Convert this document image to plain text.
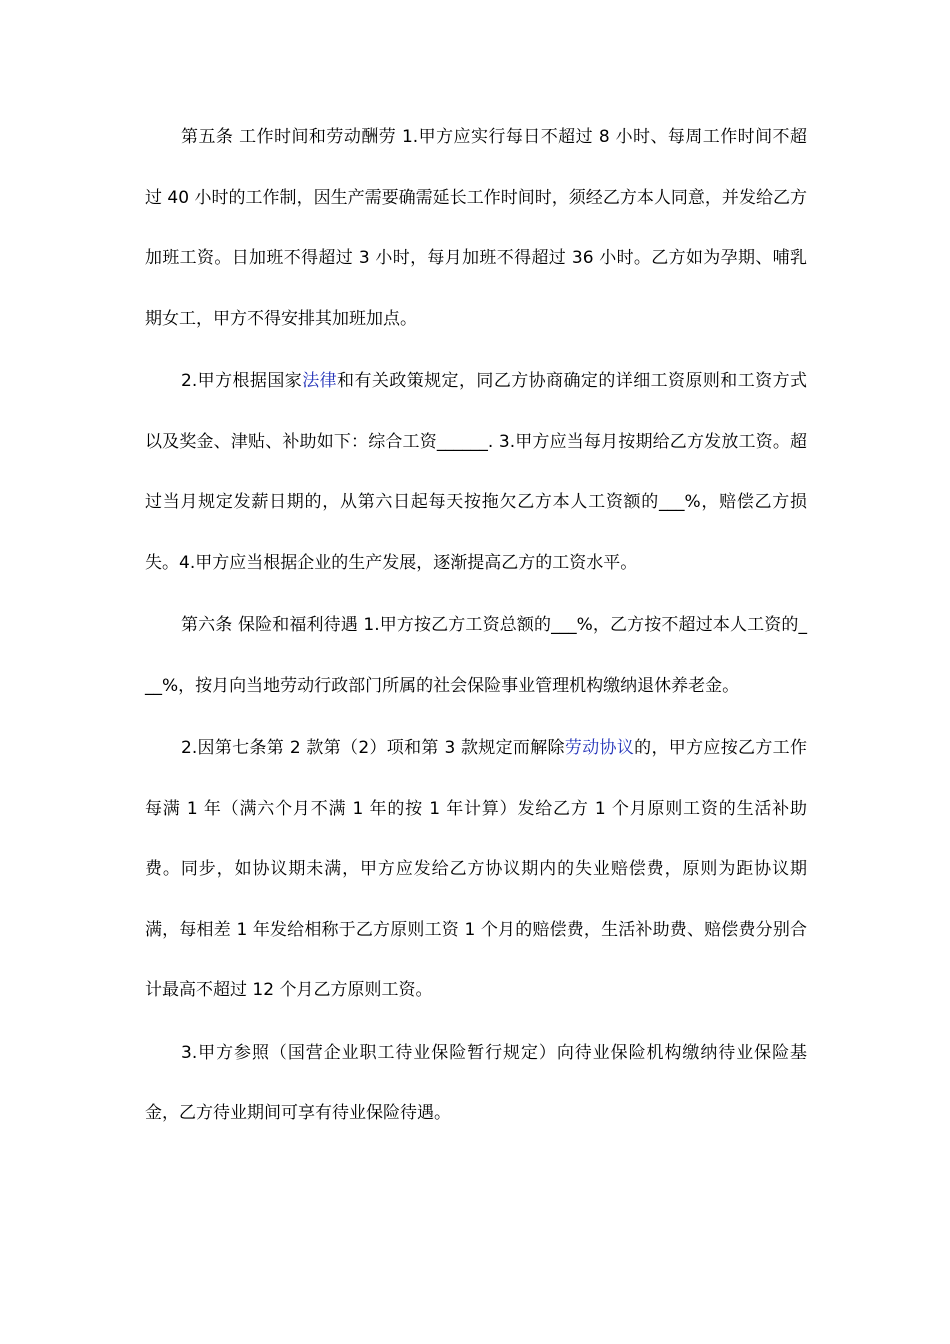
第五条 工作时间和劳动酬劳 1.甲方应实行每日不超过 8 小时、每周工作时间不超过 40 小时的工作制，因生产需要确需延长工作时间时，须经乙方本人同意，并发给乙方加班工资。日加班不得超过 3 小时，每月加班不得超过 36 小时。乙方如为孕期、哺乳期女工，甲方不得安排其加班加点。

2.甲方根据国家法律和有关政策规定，同乙方协商确定的详细工资原则和工资方式以及奖金、津贴、补助如下：综合工资______. 3.甲方应当每月按期给乙方发放工资。超过当月规定发薪日期的，从第六日起每天按拖欠乙方本人工资额的___%，赔偿乙方损失。4.甲方应当根据企业的生产发展，逐渐提高乙方的工资水平。

第六条 保险和福利待遇 1.甲方按乙方工资总额的___%，乙方按不超过本人工资的___%，按月向当地劳动行政部门所属的社会保险事业管理机构缴纳退休养老金。

2.因第七条第 2 款第（2）项和第 3 款规定而解除劳动协议的，甲方应按乙方工作每满 1 年（满六个月不满 1 年的按 1 年计算）发给乙方 1 个月原则工资的生活补助费。同步，如协议期未满，甲方应发给乙方协议期内的失业赔偿费，原则为距协议期满，每相差 1 年发给相称于乙方原则工资 1 个月的赔偿费，生活补助费、赔偿费分别合计最高不超过 12 个月乙方原则工资。

3.甲方参照（国营企业职工待业保险暂行规定）向待业保险机构缴纳待业保险基金，乙方待业期间可享有待业保险待遇。
